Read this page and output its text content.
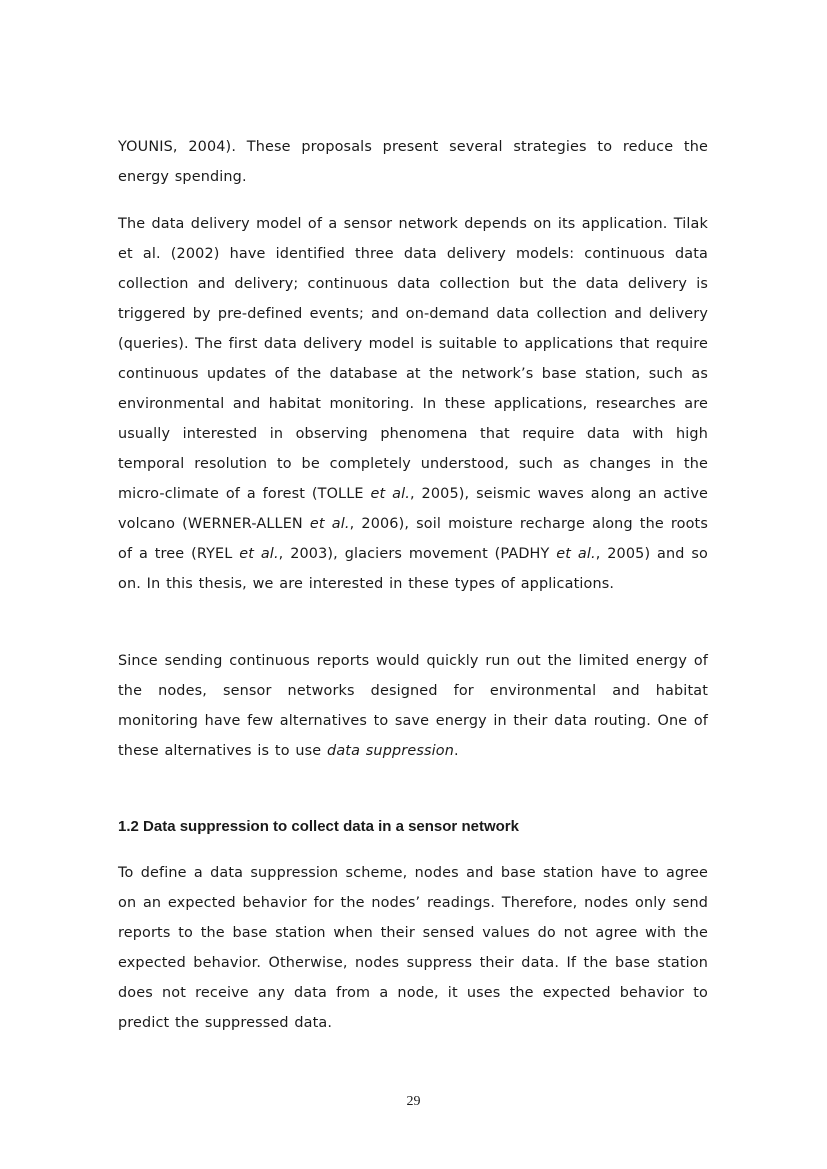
YOUNIS, 2004). These proposals present several strategies to reduce the energy spending.

The data delivery model of a sensor network depends on its application. Tilak et al. (2002) have identified three data delivery models: continuous data collection and delivery; continuous data collection but the data delivery is triggered by pre-defined events; and on-demand data collection and delivery (queries). The first data delivery model is suitable to applications that require continuous updates of the database at the network’s base station, such as environmental and habitat monitoring. In these applications, researches are usually interested in observing phenomena that require data with high temporal resolution to be completely understood, such as changes in the micro-climate of a forest (TOLLE et al., 2005), seismic waves along an active volcano (WERNER-ALLEN et al., 2006), soil moisture recharge along the roots of a tree (RYEL et al., 2003), glaciers movement (PADHY et al., 2005) and so on. In this thesis, we are interested in these types of applications.

Since sending continuous reports would quickly run out the limited energy of the nodes, sensor networks designed for environmental and habitat monitoring have few alternatives to save energy in their data routing. One of these alternatives is to use data suppression.

1.2 Data suppression to collect data in a sensor network

To define a data suppression scheme, nodes and base station have to agree on an expected behavior for the nodes’ readings. Therefore, nodes only send reports to the base station when their sensed values do not agree with the expected behavior. Otherwise, nodes suppress their data. If the base station does not receive any data from a node, it uses the expected behavior to predict the suppressed data.

29
